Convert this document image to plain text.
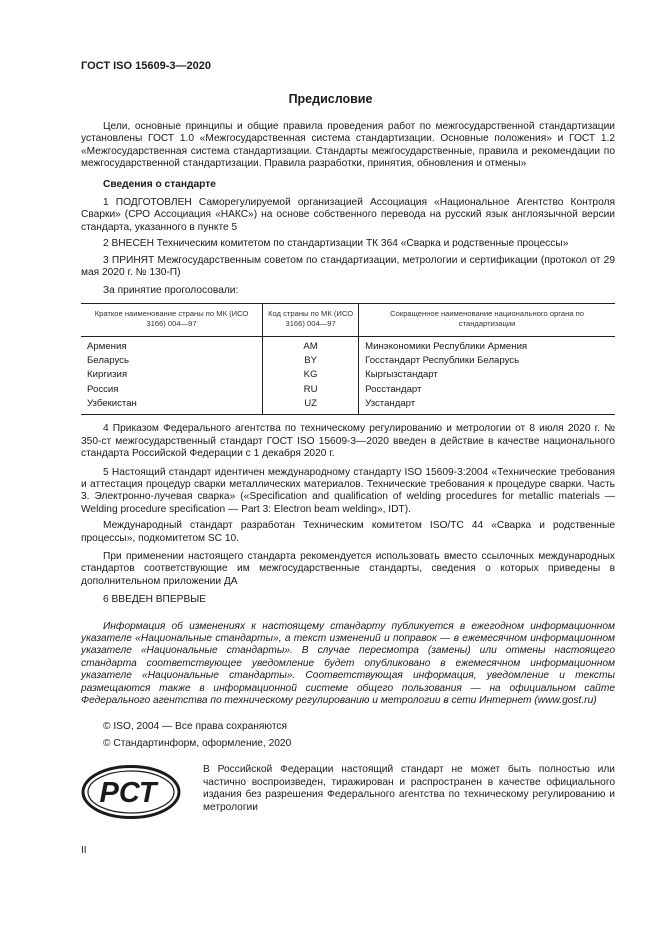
ГОСТ ISO 15609-3—2020
Предисловие

Цели, основные принципы и общие правила проведения работ по межгосударственной стандартизации установлены ГОСТ 1.0 «Межгосударственная система стандартизации. Основные положения» и ГОСТ 1.2 «Межгосударственная система стандартизации. Стандарты межгосударственные, правила и рекомендации по межгосударственной стандартизации. Правила разработки, принятия, обновления и отмены»

Сведения о стандарте

1 ПОДГОТОВЛЕН Саморегулируемой организацией Ассоциация «Национальное Агентство Контроля Сварки» (СРО Ассоциация «НАКС») на основе собственного перевода на русский язык англоязычной версии стандарта, указанного в пункте 5

2 ВНЕСЕН Техническим комитетом по стандартизации ТК 364 «Сварка и родственные процессы»

3 ПРИНЯТ Межгосударственным советом по стандартизации, метрологии и сертификации (протокол от 29 мая 2020 г. № 130-П)

За принятие проголосовали:

Краткое наименование страны по МК (ИСО 3166) 004—97	Код страны по МК (ИСО 3166) 004—97	Сокращенное наименование национального органа по стандартизации
Армения	AM	Минэкономики Республики Армения
Беларусь	BY	Госстандарт Республики Беларусь
Киргизия	KG	Кыргызстандарт
Россия	RU	Росстандарт
Узбекистан	UZ	Узстандарт

4 Приказом Федерального агентства по техническому регулированию и метрологии от 8 июля 2020 г. № 350-ст межгосударственный стандарт ГОСТ ISO 15609-3—2020 введен в действие в качестве национального стандарта Российской Федерации с 1 декабря 2020 г.

5 Настоящий стандарт идентичен международному стандарту ISO 15609-3:2004 «Технические требования и аттестация процедур сварки металлических материалов. Технические требования к процедуре сварки. Часть 3. Электронно-лучевая сварка» («Specification and qualification of welding procedures for metallic materials — Welding procedure specification — Part 3: Electron beam welding», IDT).

Международный стандарт разработан Техническим комитетом ISO/TC 44 «Сварка и родственные процессы», подкомитетом SC 10.

При применении настоящего стандарта рекомендуется использовать вместо ссылочных международных стандартов соответствующие им межгосударственные стандарты, сведения о которых приведены в дополнительном приложении ДА

6 ВВЕДЕН ВПЕРВЫЕ

Информация об изменениях к настоящему стандарту публикуется в ежегодном информационном указателе «Национальные стандарты», а текст изменений и поправок — в ежемесячном информационном указателе «Национальные стандарты». В случае пересмотра (замены) или отмены настоящего стандарта соответствующее уведомление будет опубликовано в ежемесячном информационном указателе «Национальные стандарты». Соответствующая информация, уведомление и тексты размещаются также в информационной системе общего пользования — на официальном сайте Федерального агентства по техническому регулированию и метрологии в сети Интернет (www.gost.ru)

© ISO, 2004 — Все права сохраняются

© Стандартинформ, оформление, 2020

РСТ

В Российской Федерации настоящий стандарт не может быть полностью или частично воспроизведен, тиражирован и распространен в качестве официального издания без разрешения Федерального агентства по техническому регулированию и метрологии

II
